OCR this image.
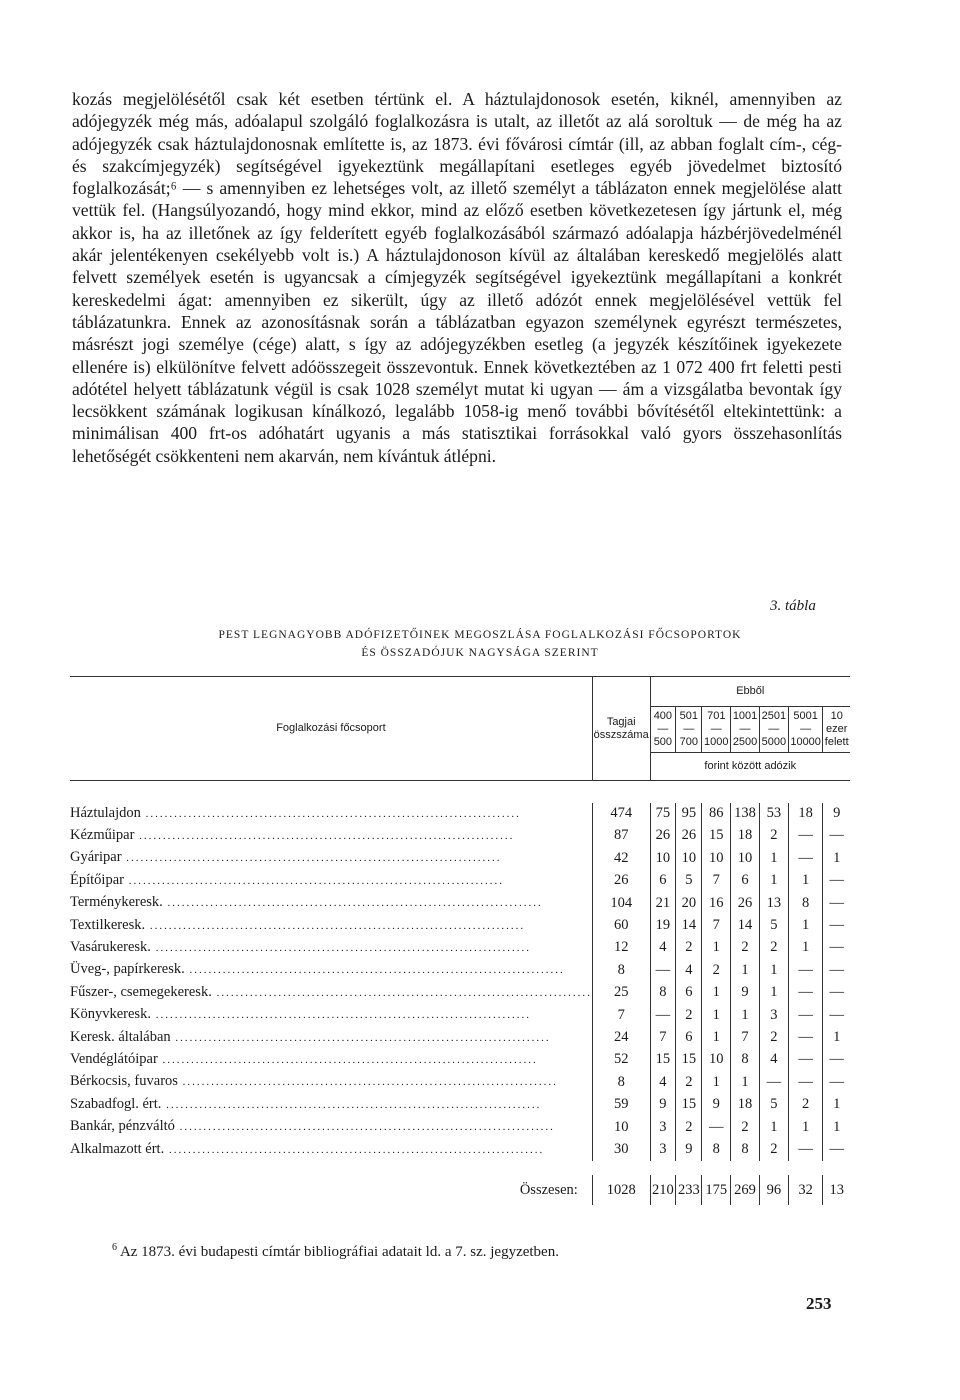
kozás megjelölésétől csak két esetben tértünk el. A háztulajdonosok esetén, kiknél, amennyiben az adójegyzék még más, adóalapul szolgáló foglalkozásra is utalt, az illetőt az alá soroltuk — de még ha az adójegyzék csak háztulajdonosnak említette is, az 1873. évi fővárosi címtár (ill, az abban foglalt cím-, cég- és szakcímjegyzék) segítségével igyekeztünk megállapítani esetleges egyéb jövedelmet biztosító foglalkozását;⁶ — s amennyiben ez lehetséges volt, az illető személyt a táblázaton ennek megjelölése alatt vettük fel. (Hangsúlyozandó, hogy mind ekkor, mind az előző esetben következetesen így jártunk el, még akkor is, ha az illetőnek az így felderített egyéb foglalkozásából származó adóalapja házbérjövedelménél akár jelentékenyen csekélyebb volt is.) A háztulajdonoson kívül az általában kereskedő megjelölés alatt felvett személyek esetén is ugyancsak a címjegyzék segítségével igyekeztünk megállapítani a konkrét kereskedelmi ágat: amennyiben ez sikerült, úgy az illető adózót ennek megjelölésével vettük fel táblázatunkra. Ennek az azonosításnak során a táblázatban egyazon személynek egyrészt természetes, másrészt jogi személye (cége) alatt, s így az adójegyzékben esetleg (a jegyzék készítőinek igyekezete ellenére is) elkülönítve felvett adóösszegeit összevontuk. Ennek következtében az 1 072 400 frt feletti pesti adótétel helyett táblázatunk végül is csak 1028 személyt mutat ki ugyan — ám a vizsgálatba bevontak így lecsökkent számának logikusan kínálkozó, legalább 1058-ig menő további bővítésétől eltekintettünk: a minimálisan 400 frt-os adóhatárt ugyanis a más statisztikai forrásokkal való gyors összehasonlítás lehetőségét csökkenteni nem akarván, nem kívántuk átlépni.

3. tábla
PEST LEGNAGYOBB ADÓFIZETŐINEK MEGOSZLÁSA FOGLALKOZÁSI FŐCSOPORTOK
ÉS ÖSSZADÓJUK NAGYSÁGA SZERINT
Foglalkozási főcsoport	Tagjai összszáma	Ebből						
		400— 500	501— 700	701— 1000	1001— 2500	2501— 5000	5001— 10000	10 ezer felett
		forint között adózik						

Háztulajdon ...............................................................................	474	75	95	86	138	53	18	9
Kézműipar ...............................................................................	87	26	26	15	18	2	—	—
Gyáripar ...............................................................................	42	10	10	10	10	1	—	1
Építőipar ...............................................................................	26	6	5	7	6	1	1	—
Terménykeresk. ...............................................................................	104	21	20	16	26	13	8	—
Textilkeresk. ...............................................................................	60	19	14	7	14	5	1	—
Vasárukeresk. ...............................................................................	12	4	2	1	2	2	1	—
Üveg-, papírkeresk. ...............................................................................	8	—	4	2	1	1	—	—
Fűszer-, csemegekeresk. ...............................................................................	25	8	6	1	9	1	—	—
Könyvkeresk. ...............................................................................	7	—	2	1	1	3	—	—
Keresk. általában ...............................................................................	24	7	6	1	7	2	—	1
Vendéglátóipar ...............................................................................	52	15	15	10	8	4	—	—
Bérkocsis, fuvaros ...............................................................................	8	4	2	1	1	—	—	—
Szabadfogl. ért. ...............................................................................	59	9	15	9	18	5	2	1
Bankár, pénzváltó ...............................................................................	10	3	2	—	2	1	1	1
Alkalmazott ért. ...............................................................................	30	3	9	8	8	2	—	—

Összesen:	1028	210	233	175	269	96	32	13
$^6$ Az 1873. évi budapesti címtár bibliográfiai adatait ld. a 7. sz. jegyzetben.
253
